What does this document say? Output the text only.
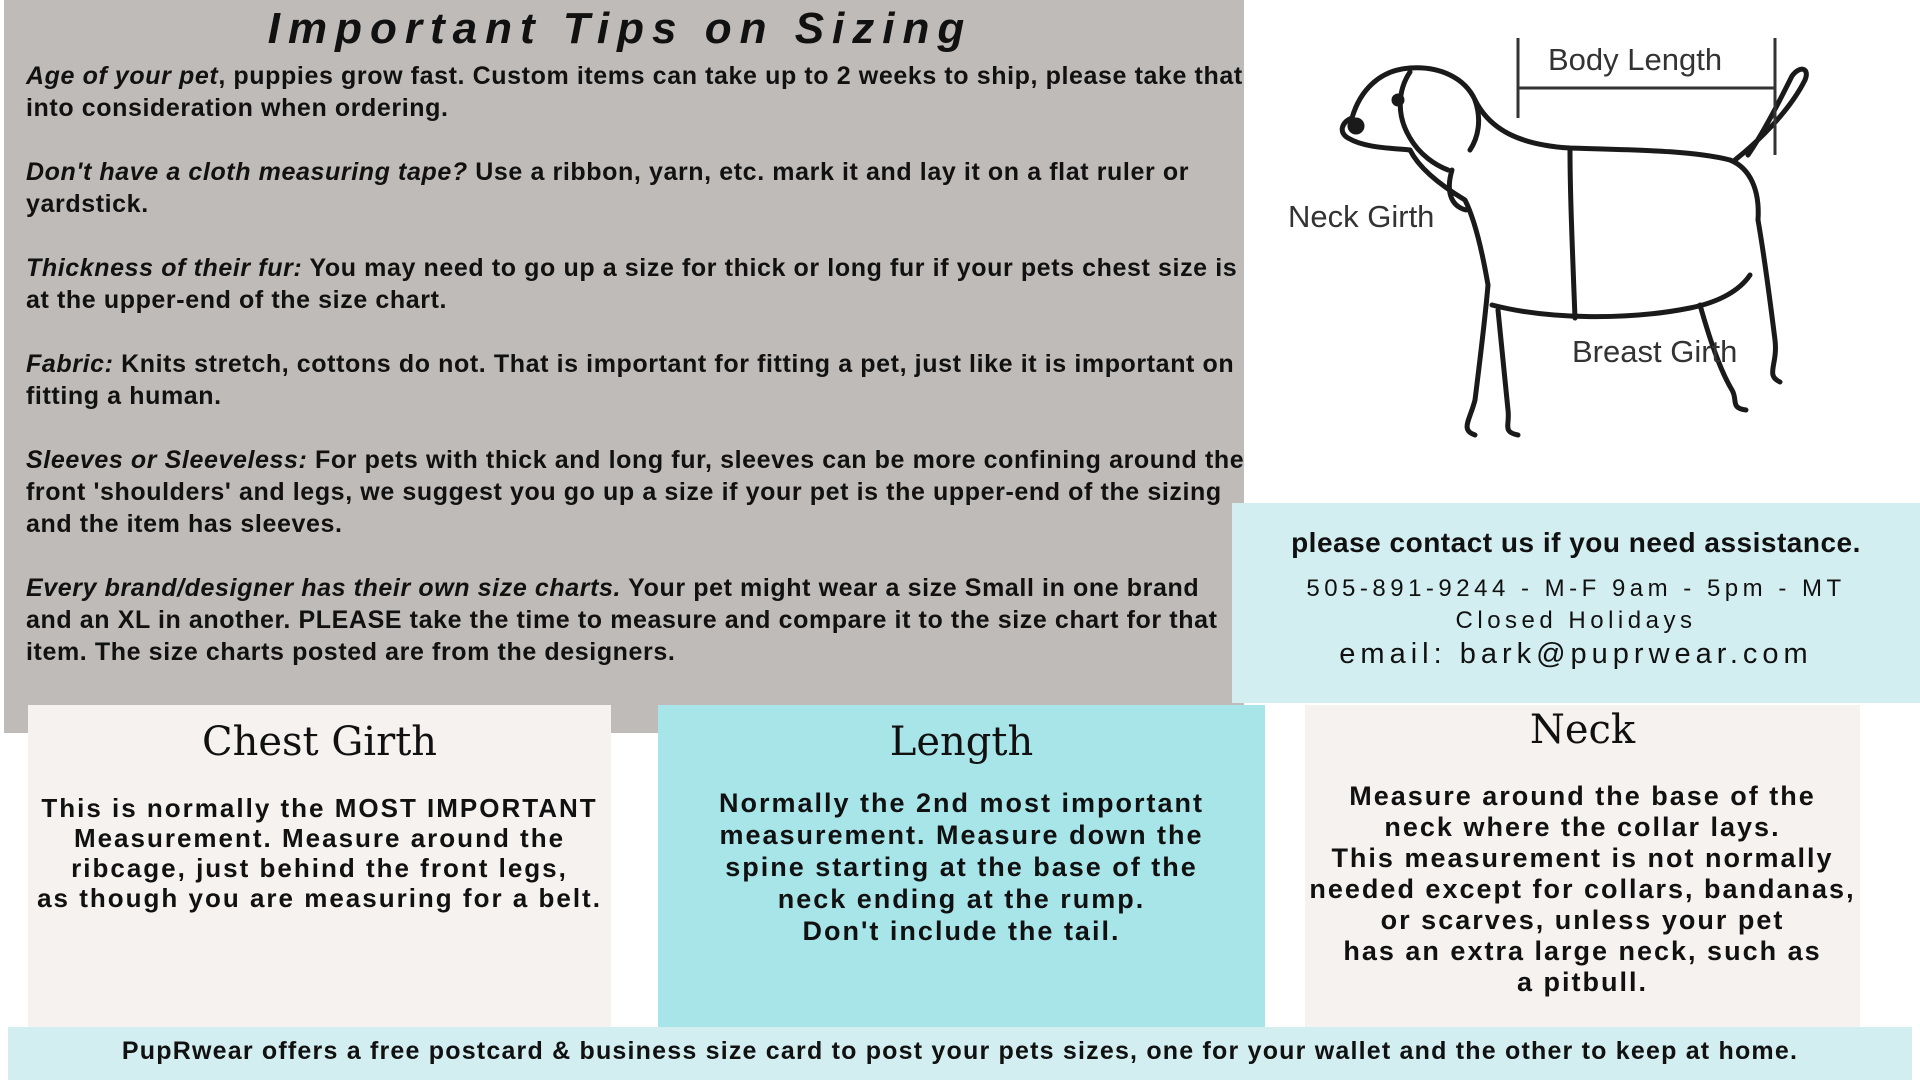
Important Tips on Sizing
Age of your pet, puppies grow fast. Custom items can take up to 2 weeks to ship, please take that into consideration when ordering.
Don't have a cloth measuring tape? Use a ribbon, yarn, etc. mark it and lay it on a flat ruler or yardstick.
Thickness of their fur: You may need to go up a size for thick or long fur if your pets chest size is at the upper-end of the size chart.
Fabric: Knits stretch, cottons do not. That is important for fitting a pet, just like it is important on fitting a human.
Sleeves or Sleeveless: For pets with thick and long fur, sleeves can be more confining around the front 'shoulders' and legs, we suggest you go up a size if your pet is the upper-end of the sizing and the item has sleeves.
Every brand/designer has their own size charts. Your pet might wear a size Small in one brand and an XL in another. PLEASE take the time to measure and compare it to the size chart for that item. The size charts posted are from the designers.
Body Length
Neck Girth
Breast Girth
please contact us if you need assistance.
505-891-9244 - M-F 9am - 5pm - MT
Closed Holidays
email: bark@puprwear.com
Chest Girth
This is normally the MOST IMPORTANT
Measurement. Measure around the
ribcage, just behind the front legs,
as though you are measuring for a belt.
Length
Normally the 2nd most important
measurement. Measure down the
spine starting at the base of the
neck ending at the rump.
Don't include the tail.
Neck
Measure around the base of the
neck where the collar lays.
This measurement is not normally
needed except for collars, bandanas,
or scarves, unless your pet
has an extra large neck, such as
a pitbull.
PupRwear offers a free postcard & business size card to post your pets sizes, one for your wallet and the other to keep at home.
